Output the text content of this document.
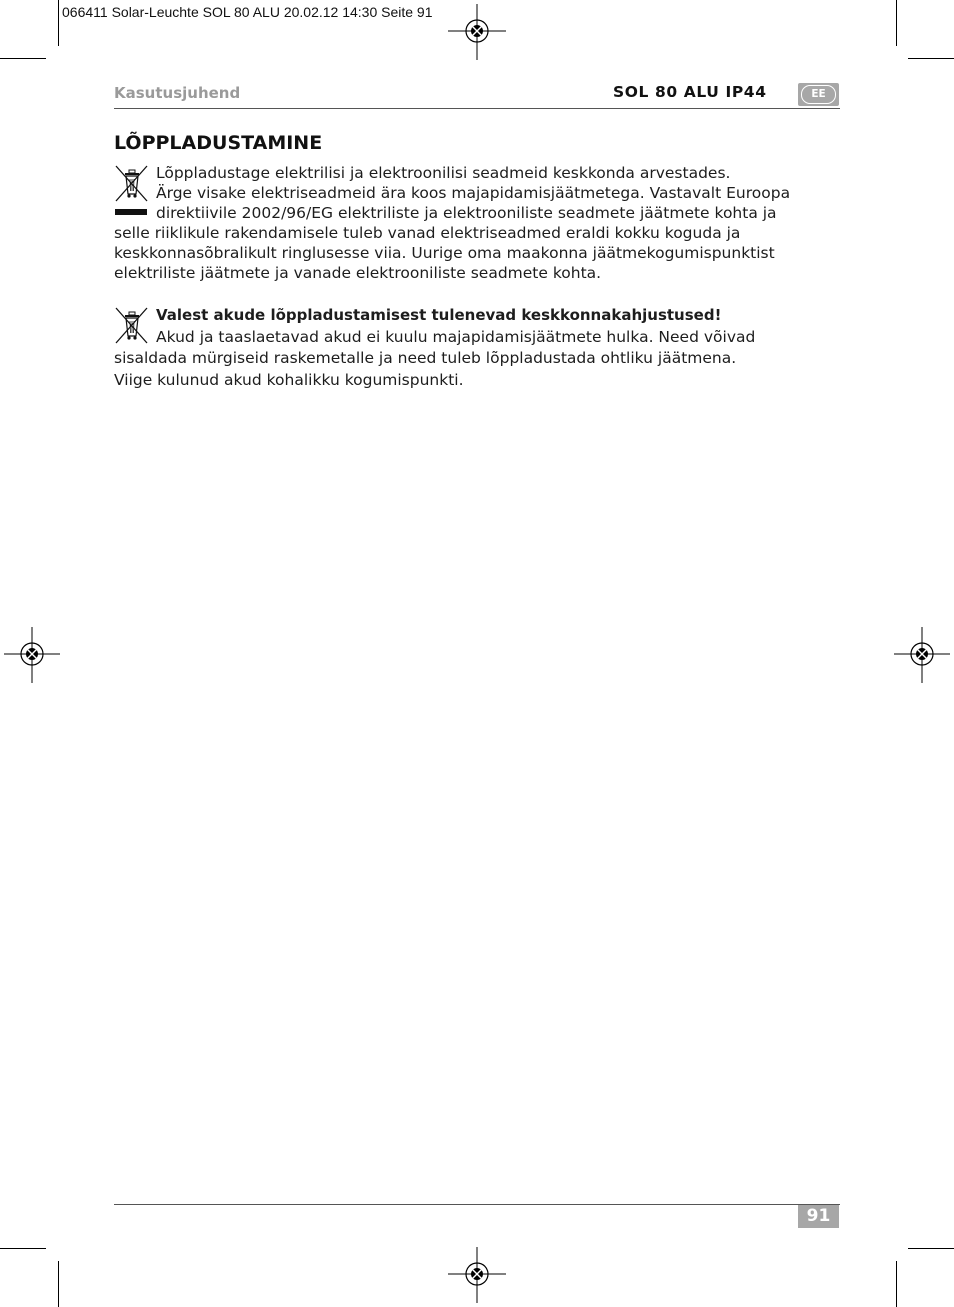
066411 Solar-Leuchte SOL 80 ALU 20.02.12 14:30 Seite 91
Kasutusjuhend	SOL 80 ALU IP44	EE
LÕPPLADUSTAMINE
Lõppladustage elektrilisi ja elektroonilisi seadmeid keskkonda arvestades.
Ärge visake elektriseadmeid ära koos majapidamisjäätmetega. Vastavalt Euroopa
direktiivile 2002/96/EG elektriliste ja elektrooniliste seadmete jäätmete kohta ja
selle riiklikule rakendamisele tuleb vanad elektriseadmed eraldi kokku koguda ja
keskkonnasõbralikult ringlusesse viia. Uurige oma maakonna jäätmekogumispunktist
elektriliste jäätmete ja vanade elektrooniliste seadmete kohta.
Valest akude lõppladustamisest tulenevad keskkonnakahjustused!
Akud ja taaslaetavad akud ei kuulu majapidamisjäätmete hulka. Need võivad
sisaldada mürgiseid raskemetalle ja need tuleb lõppladustada ohtliku jäätmena.
Viige kulunud akud kohalikku kogumispunkti.
91
